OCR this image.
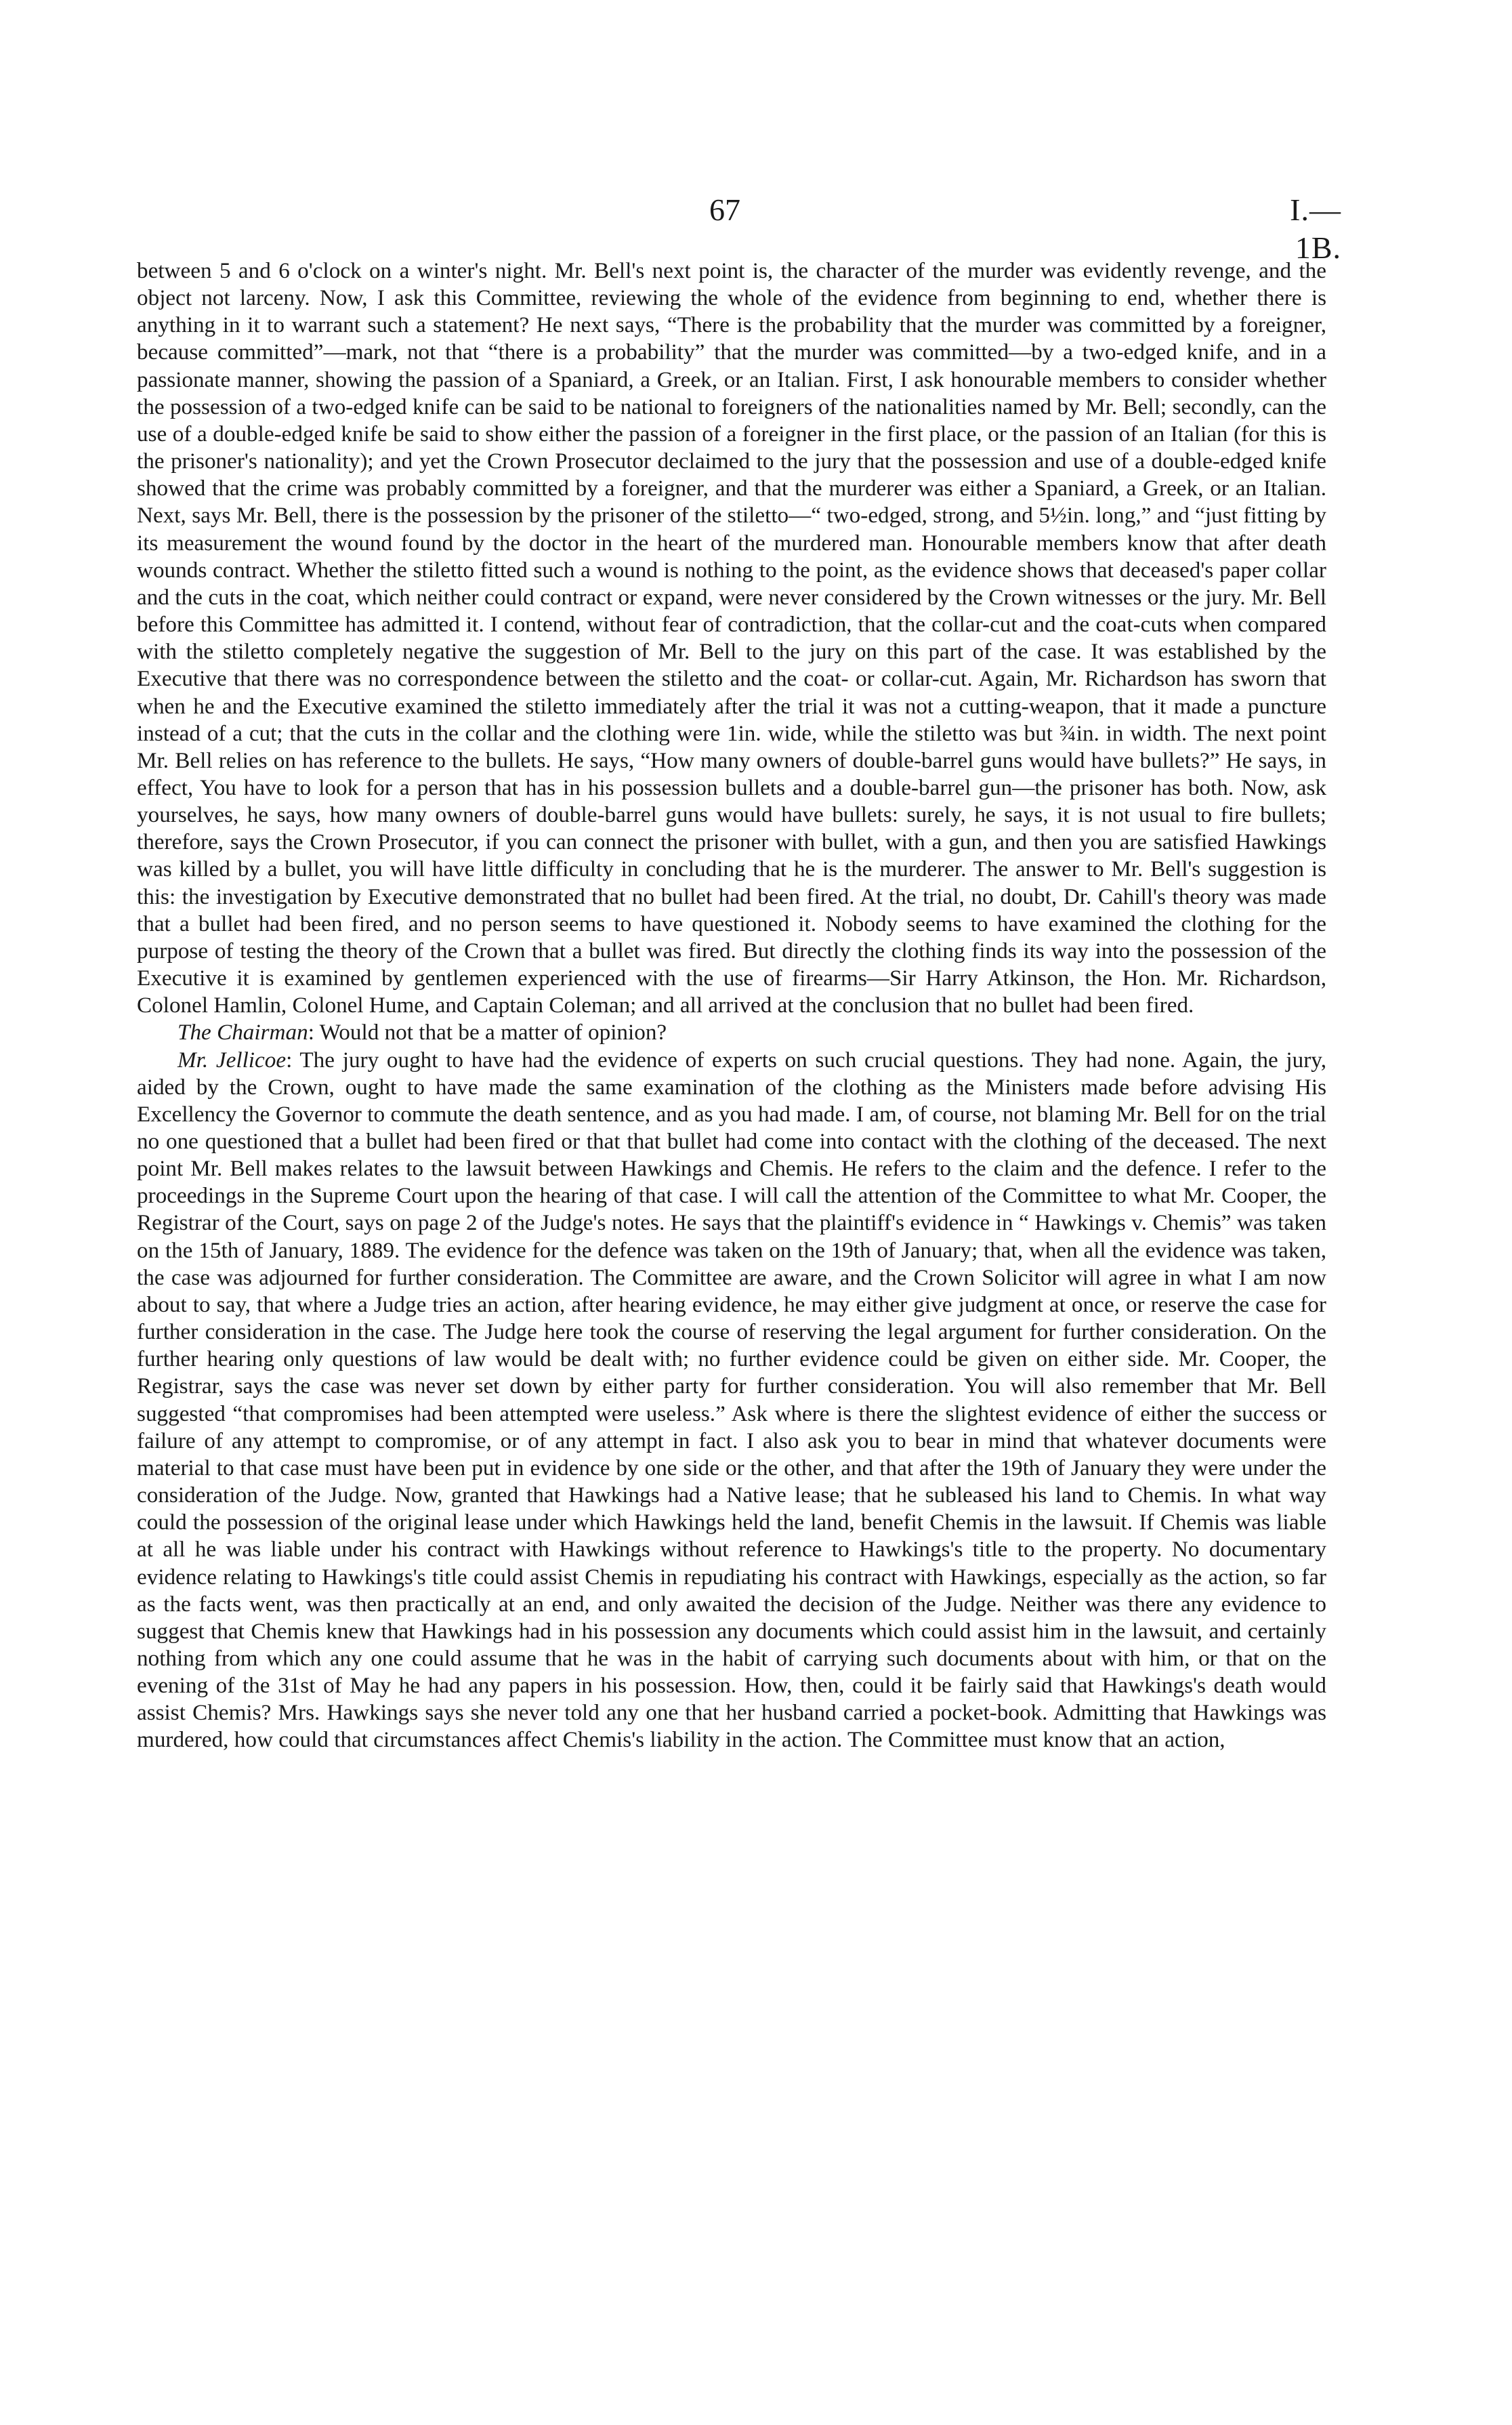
67	I.—1B.

between 5 and 6 o'clock on a winter's night. Mr. Bell's next point is, the character of the murder was evidently revenge, and the object not larceny. Now, I ask this Committee, reviewing the whole of the evidence from beginning to end, whether there is anything in it to warrant such a statement? He next says, “There is the probability that the murder was committed by a foreigner, because committed”—mark, not that “there is a probability” that the murder was committed—by a two-edged knife, and in a passionate manner, showing the passion of a Spaniard, a Greek, or an Italian. First, I ask honourable members to consider whether the possession of a two-edged knife can be said to be national to foreigners of the nationalities named by Mr. Bell; secondly, can the use of a double-edged knife be said to show either the passion of a foreigner in the first place, or the passion of an Italian (for this is the prisoner's nationality); and yet the Crown Prosecutor declaimed to the jury that the possession and use of a double-edged knife showed that the crime was probably committed by a foreigner, and that the murderer was either a Spaniard, a Greek, or an Italian. Next, says Mr. Bell, there is the possession by the prisoner of the stiletto—“ two-edged, strong, and 5½in. long,” and “just fitting by its measurement the wound found by the doctor in the heart of the murdered man. Honourable members know that after death wounds contract. Whether the stiletto fitted such a wound is nothing to the point, as the evidence shows that deceased's paper collar and the cuts in the coat, which neither could contract or expand, were never considered by the Crown witnesses or the jury. Mr. Bell before this Committee has admitted it. I contend, without fear of contradiction, that the collar-cut and the coat-cuts when compared with the stiletto completely negative the suggestion of Mr. Bell to the jury on this part of the case. It was established by the Executive that there was no correspondence between the stiletto and the coat- or collar-cut. Again, Mr. Richardson has sworn that when he and the Executive examined the stiletto immediately after the trial it was not a cutting-weapon, that it made a puncture instead of a cut; that the cuts in the collar and the clothing were 1in. wide, while the stiletto was but ¾in. in width. The next point Mr. Bell relies on has reference to the bullets. He says, “How many owners of double-barrel guns would have bullets?” He says, in effect, You have to look for a person that has in his possession bullets and a double-barrel gun—the prisoner has both. Now, ask yourselves, he says, how many owners of double-barrel guns would have bullets: surely, he says, it is not usual to fire bullets; therefore, says the Crown Prosecutor, if you can connect the prisoner with bullet, with a gun, and then you are satisfied Hawkings was killed by a bullet, you will have little difficulty in concluding that he is the murderer. The answer to Mr. Bell's suggestion is this: the investigation by Executive demonstrated that no bullet had been fired. At the trial, no doubt, Dr. Cahill's theory was made that a bullet had been fired, and no person seems to have questioned it. Nobody seems to have examined the clothing for the purpose of testing the theory of the Crown that a bullet was fired. But directly the clothing finds its way into the possession of the Executive it is examined by gentlemen experienced with the use of firearms—Sir Harry Atkinson, the Hon. Mr. Richardson, Colonel Hamlin, Colonel Hume, and Captain Coleman; and all arrived at the conclusion that no bullet had been fired.

The Chairman: Would not that be a matter of opinion?

Mr. Jellicoe: The jury ought to have had the evidence of experts on such crucial questions. They had none. Again, the jury, aided by the Crown, ought to have made the same examination of the clothing as the Ministers made before advising His Excellency the Governor to commute the death sentence, and as you had made. I am, of course, not blaming Mr. Bell for on the trial no one questioned that a bullet had been fired or that that bullet had come into contact with the clothing of the deceased. The next point Mr. Bell makes relates to the lawsuit between Hawkings and Chemis. He refers to the claim and the defence. I refer to the proceedings in the Supreme Court upon the hearing of that case. I will call the attention of the Committee to what Mr. Cooper, the Registrar of the Court, says on page 2 of the Judge's notes. He says that the plaintiff's evidence in “ Hawkings v. Chemis” was taken on the 15th of January, 1889. The evidence for the defence was taken on the 19th of January; that, when all the evidence was taken, the case was adjourned for further consideration. The Committee are aware, and the Crown Solicitor will agree in what I am now about to say, that where a Judge tries an action, after hearing evidence, he may either give judgment at once, or reserve the case for further consideration in the case. The Judge here took the course of reserving the legal argument for further consideration. On the further hearing only questions of law would be dealt with; no further evidence could be given on either side. Mr. Cooper, the Registrar, says the case was never set down by either party for further consideration. You will also remember that Mr. Bell suggested “that compromises had been attempted were useless.” Ask where is there the slightest evidence of either the success or failure of any attempt to compromise, or of any attempt in fact. I also ask you to bear in mind that whatever documents were material to that case must have been put in evidence by one side or the other, and that after the 19th of January they were under the consideration of the Judge. Now, granted that Hawkings had a Native lease; that he subleased his land to Chemis. In what way could the possession of the original lease under which Hawkings held the land, benefit Chemis in the lawsuit. If Chemis was liable at all he was liable under his contract with Hawkings without reference to Hawkings's title to the property. No documentary evidence relating to Hawkings's title could assist Chemis in repudiating his contract with Hawkings, especially as the action, so far as the facts went, was then practically at an end, and only awaited the decision of the Judge. Neither was there any evidence to suggest that Chemis knew that Hawkings had in his possession any documents which could assist him in the lawsuit, and certainly nothing from which any one could assume that he was in the habit of carrying such documents about with him, or that on the evening of the 31st of May he had any papers in his possession. How, then, could it be fairly said that Hawkings's death would assist Chemis? Mrs. Hawkings says she never told any one that her husband carried a pocket-book. Admitting that Hawkings was murdered, how could that circumstances affect Chemis's liability in the action. The Committee must know that an action,
